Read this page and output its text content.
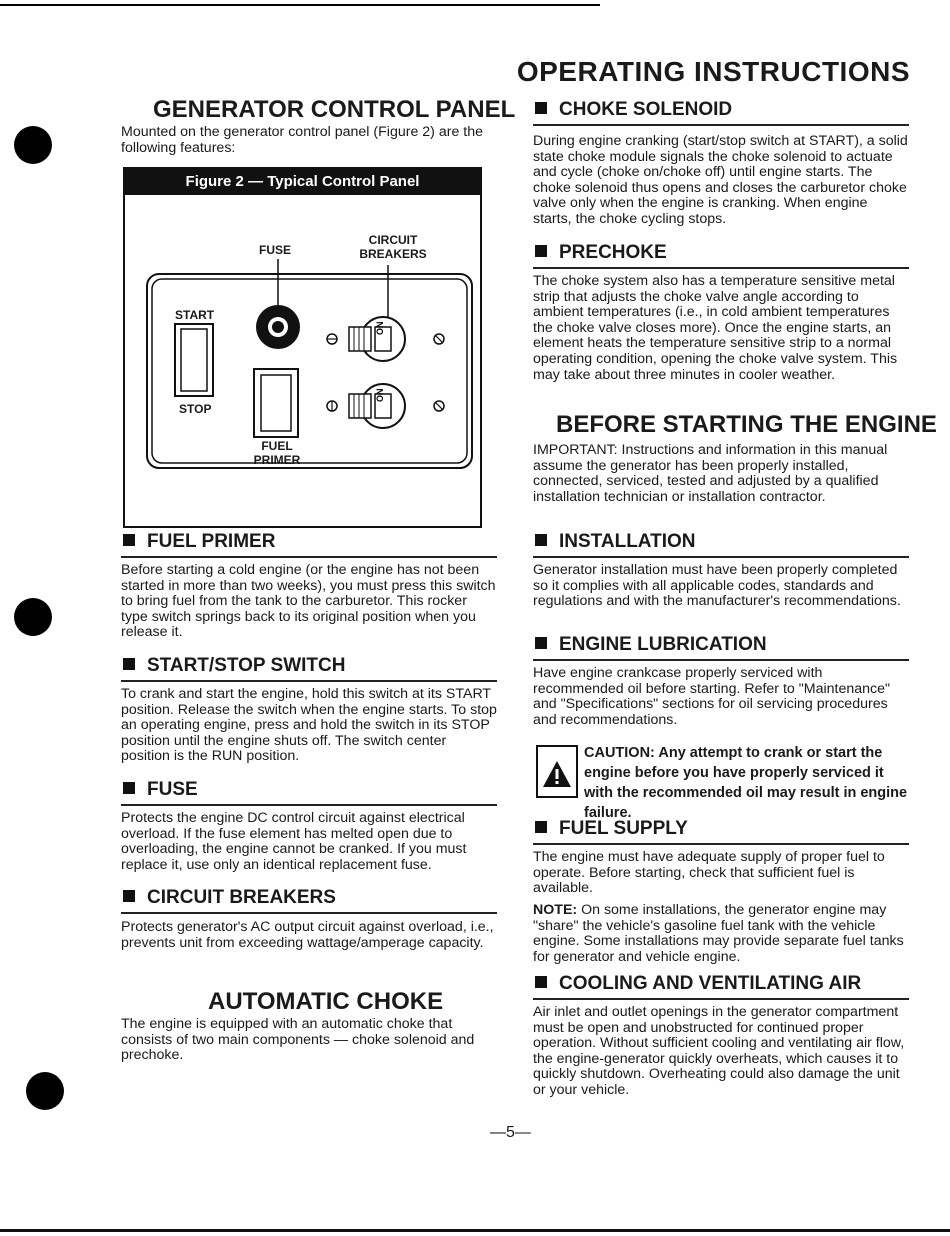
OPERATING INSTRUCTIONS
GENERATOR CONTROL PANEL

Mounted on the generator control panel (Figure 2) are the following features:

Figure 2 — Typical Control Panel
FUSE
CIRCUIT
BREAKERS
START
STOP
FUEL
PRIMER
ON
ON
FUEL PRIMER

Before starting a cold engine (or the engine has not been started in more than two weeks), you must press this switch to bring fuel from the tank to the carburetor. This rocker type switch springs back to its original position when you release it.

START/STOP SWITCH

To crank and start the engine, hold this switch at its START position. Release the switch when the engine starts. To stop an operating engine, press and hold the switch in its STOP position until the engine shuts off. The switch center position is the RUN position.

FUSE

Protects the engine DC control circuit against electrical overload. If the fuse element has melted open due to overloading, the engine cannot be cranked. If you must replace it, use only an identical replacement fuse.

CIRCUIT BREAKERS

Protects generator's AC output circuit against overload, i.e., prevents unit from exceeding wattage/amperage capacity.

AUTOMATIC CHOKE

The engine is equipped with an automatic choke that consists of two main components — choke solenoid and prechoke.

CHOKE SOLENOID

During engine cranking (start/stop switch at START), a solid state choke module signals the choke solenoid to actuate and cycle (choke on/choke off) until engine starts. The choke solenoid thus opens and closes the carburetor choke valve only when the engine is cranking. When engine starts, the choke cycling stops.

PRECHOKE

The choke system also has a temperature sensitive metal strip that adjusts the choke valve angle according to ambient temperatures (i.e., in cold ambient temperatures the choke valve closes more). Once the engine starts, an element heats the temperature sensitive strip to a normal operating condition, opening the choke valve system. This may take about three minutes in cooler weather.

BEFORE STARTING THE ENGINE

IMPORTANT: Instructions and information in this manual assume the generator has been properly installed, connected, serviced, tested and adjusted by a qualified installation technician or installation contractor.

INSTALLATION

Generator installation must have been properly completed so it complies with all applicable codes, standards and regulations and with the manufacturer's recommendations.

ENGINE LUBRICATION

Have engine crankcase properly serviced with recommended oil before starting. Refer to "Maintenance" and "Specifications" sections for oil servicing procedures and recommendations.

CAUTION: Any attempt to crank or start the engine before you have properly serviced it with the recommended oil may result in engine failure.

FUEL SUPPLY

The engine must have adequate supply of proper fuel to operate. Before starting, check that sufficient fuel is available.

NOTE: On some installations, the generator engine may "share" the vehicle's gasoline fuel tank with the vehicle engine. Some installations may provide separate fuel tanks for generator and vehicle engine.

COOLING AND VENTILATING AIR

Air inlet and outlet openings in the generator compartment must be open and unobstructed for continued proper operation. Without sufficient cooling and ventilating air flow, the engine-generator quickly overheats, which causes it to quickly shutdown. Overheating could also damage the unit or your vehicle.

—5—
